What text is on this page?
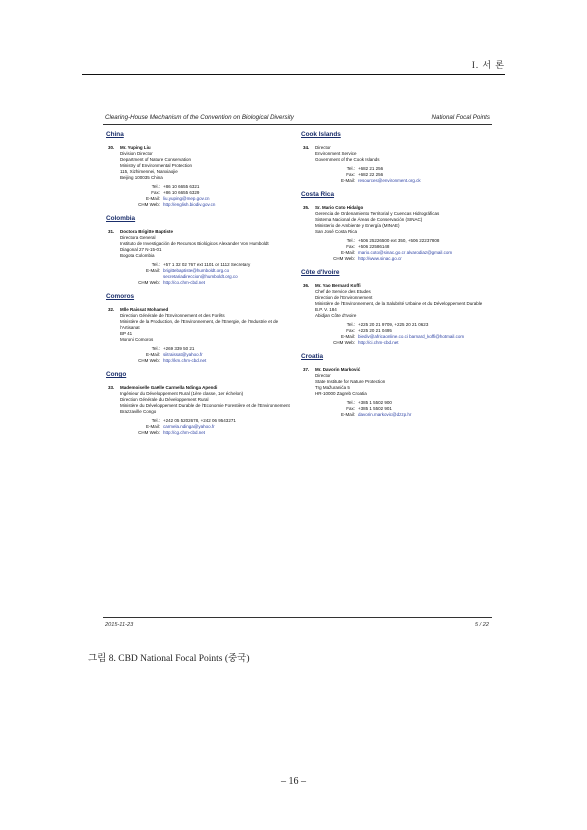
I. 서 론
Clearing-House Mechanism of the Convention on Biological Diversity	National Focal Points
China
30.	Mr. Yuping Liu
Division Director
Department of Nature Conservation
Ministry of Environmental Protection
115, Xizhimennei, Nanxiaojie
Beijing 100035 China
Tel.: +86 10 6655 6321
Fax: +86 10 6655 6329
E-Mail: liu.yuping@mep.gov.cn
CHM Web: http://english.biodiv.gov.cn
Colombia
31.	Doctora Brigitte Baptiste
Directora General
Instituto de Investigación de Recursos Biológicos Alexander Von Humboldt
Diagonal 27 N-15-01
Bogota Colombia
Tel.: +57 1 32 02 767 ext 1101 or 1112 Secretary
E-Mail: brigittebaptiste@humboldt.org.co
secretariadireccion@humboldt.org.co
CHM Web: http://co.chm-cbd.net
Comoros
32.	Mlle Raissat Mohamed
Direction Générale de l'Environnement et des Forêts
Ministère de la Production, de l'Environnement, de l'Energie, de l'Industrie et de l'Artisanat
BP 41
Moroni Comoros
Tel.: +269 339 50 21
E-Mail: siitraissat@yahoo.fr
CHM Web: http://km.chm-cbd.net
Congo
33.	Mademoiselle Gaëlle Carmella Ndinga Apendi
Ingénieur du Développement Rural (1ère classe, 1er échelon)
Direction Générale du Développement Rural
Ministère du Développement Durable de l'Economie Forestière et de l'Environnement
Brazzaville Congo
Tel.: +242 05 5202678, +242 06 9543271
E-Mail: carmela.ndinga@yahoo.fr
CHM Web: http://cg.chm-cbd.net
Cook Islands
34.	Director
Environment Service
Government of the Cook Islands
Tel.: +682 21 256
Fax: +682 22 256
E-Mail: resources@environment.org.ck
Costa Rica
35.	Sr. Mario Coto Hidalgo
Gerencia de Ordenamiento Territorial y Cuencas Hidrográficas
Sistema Nacional de Áreas de Conservación (SINAC)
Ministerio de Ambiente y Energía (MINAE)
San José Costa Rica
Tel.: +506 25226500 ext 350, +506 22237808
Fax: +506 22586148
E-Mail: mario.coto@sinac.go.cr alvarodiaz@gmail.com
CHM Web: http://www.sinac.go.cr
Côte d'Ivoire
36.	Mr. Yao Bernard Koffi
Chef de Service des Etudes
Direction de l'Environnement
Ministère de l'Environnement, de la Salubrité Urbaine et du Développement Durable
B.P. V. 184
Abidjan Côte d'Ivoire
Tel.: +225 20 21 9709, +225 20 21 0623
Fax: +225 20 21 0495
E-Mail: biediv@africaonline.co.ci barnard_koffi@hotmail.com
CHM Web: http://ci.chm-cbd.net
Croatia
37.	Mr. Davorin Marković
Director
State Institute for Nature Protection
Trg Mažuranića 5
HR-10000 Zagreb Croatia
Tel.: +385 1 5502 900
Fax: +385 1 5502 901
E-Mail: davorin.markovic@dzzp.hr
2015-11-23	5 / 22
그림 8. CBD National Focal Points (중국)
– 16 –
